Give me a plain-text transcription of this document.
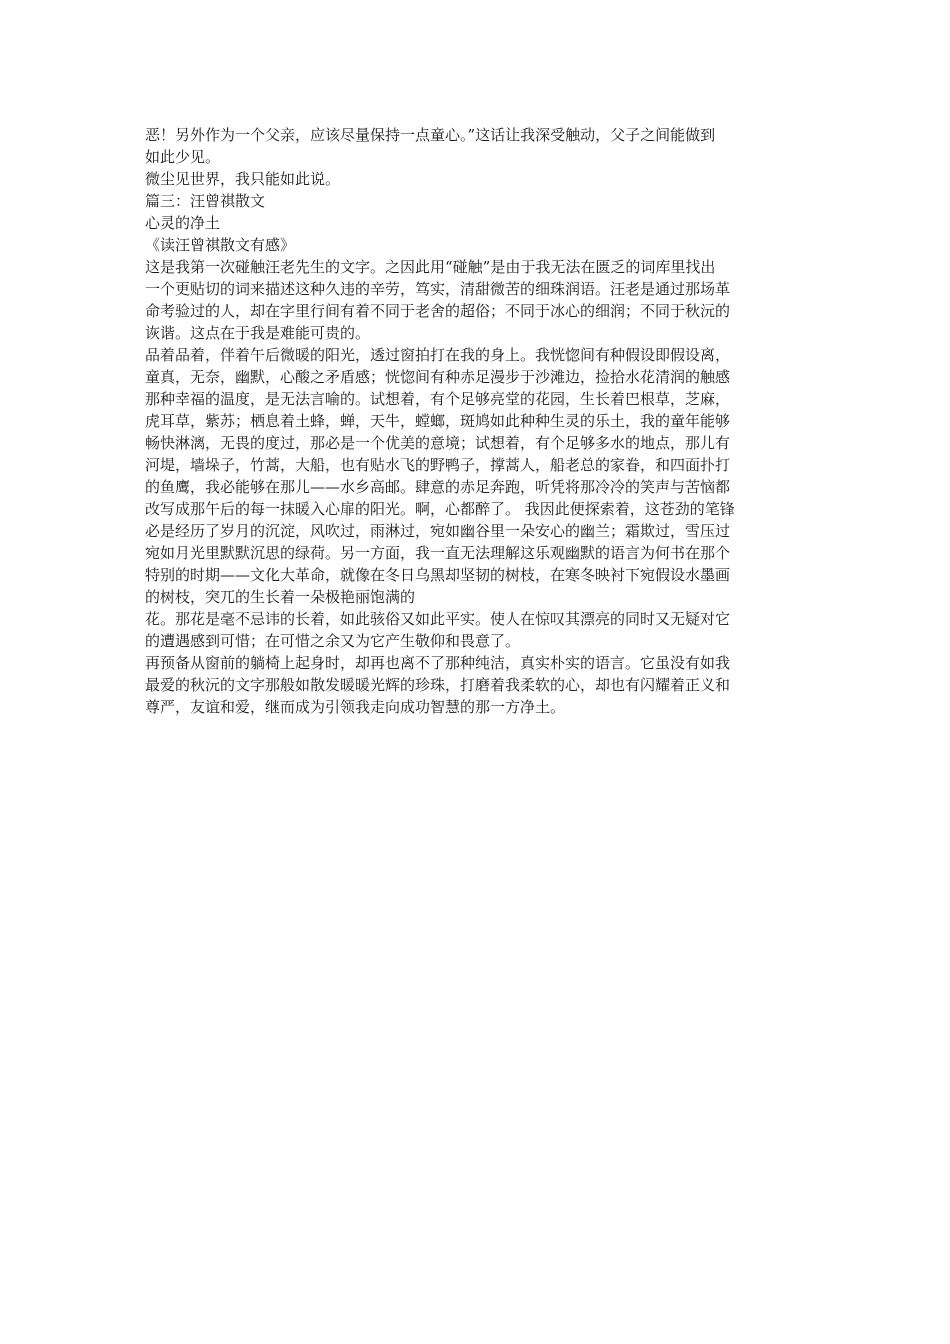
恶！另外作为一个父亲，应该尽量保持一点童心。”这话让我深受触动，父子之间能做到
如此少见。
微尘见世界，我只能如此说。
篇三：汪曾祺散文
心灵的净土
《读汪曾祺散文有感》
这是我第一次碰触汪老先生的文字。之因此用“碰触”是由于我无法在匮乏的词库里找出
一个更贴切的词来描述这种久违的辛劳，笃实，清甜微苦的细珠润语。汪老是通过那场革
命考验过的人，却在字里行间有着不同于老舍的超俗；不同于冰心的细润；不同于秋沅的
诙谐。这点在于我是难能可贵的。
品着品着，伴着午后微暖的阳光，透过窗拍打在我的身上。我恍惚间有种假设即假设离，
童真，无奈，幽默，心酸之矛盾感；恍惚间有种赤足漫步于沙滩边，捡拾水花清润的触感
那种幸福的温度，是无法言喻的。试想着，有个足够亮堂的花园，生长着巴根草，芝麻，
虎耳草，紫苏；栖息着土蜂，蝉，天牛，螳螂，斑鸠如此种种生灵的乐土，我的童年能够
畅快淋漓，无畏的度过，那必是一个优美的意境；试想着，有个足够多水的地点，那儿有
河堤，墙垛子，竹蒿，大船，也有贴水飞的野鸭子，撑蒿人，船老总的家眷，和四面扑打
的鱼鹰，我必能够在那儿——水乡高邮。肆意的赤足奔跑，听凭将那冷冷的笑声与苦恼都
改写成那午后的每一抹暖入心扉的阳光。啊，心都醉了。 我因此便探索着，这苍劲的笔锋
必是经历了岁月的沉淀，风吹过，雨淋过，宛如幽谷里一朵安心的幽兰；霜欺过，雪压过
宛如月光里默默沉思的绿荷。另一方面，我一直无法理解这乐观幽默的语言为何书在那个
特别的时期——文化大革命，就像在冬日乌黑却坚韧的树枝，在寒冬映衬下宛假设水墨画
的树枝，突兀的生长着一朵极艳丽饱满的
花。那花是毫不忌讳的长着，如此骇俗又如此平实。使人在惊叹其漂亮的同时又无疑对它
的遭遇感到可惜；在可惜之余又为它产生敬仰和畏意了。
再预备从窗前的躺椅上起身时，却再也离不了那种纯洁，真实朴实的语言。它虽没有如我
最爱的秋沅的文字那般如散发暖暖光辉的珍珠，打磨着我柔软的心，却也有闪耀着正义和
尊严，友谊和爱，继而成为引领我走向成功智慧的那一方净土。
